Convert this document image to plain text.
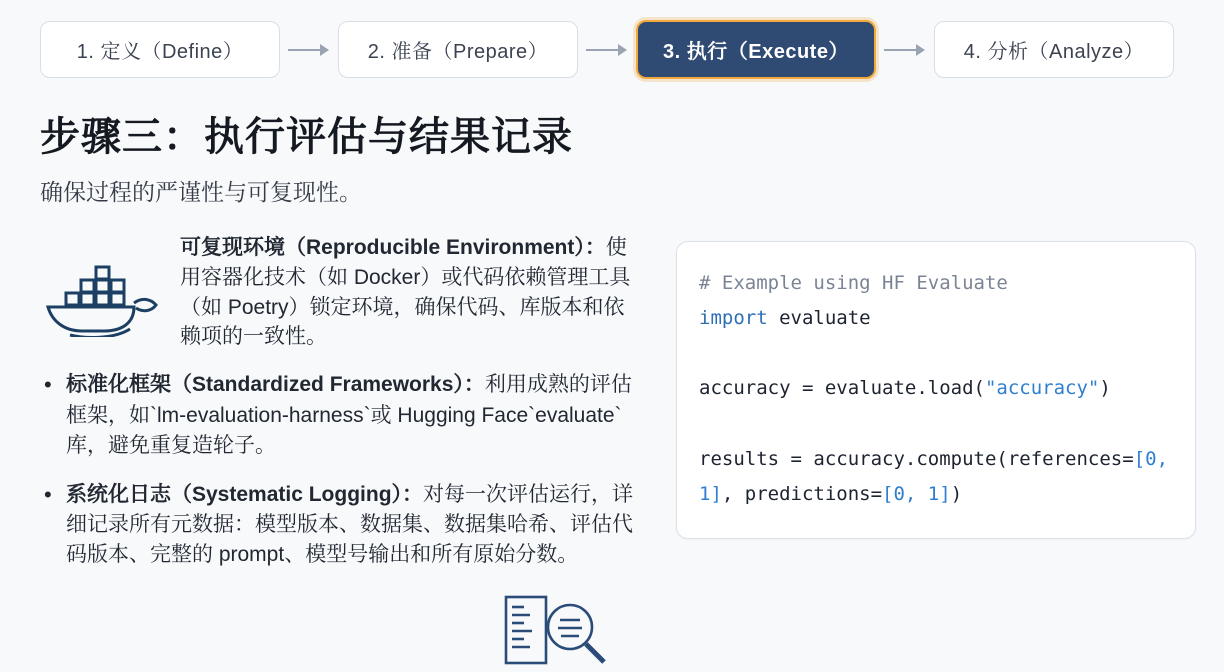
1. 定义（Define）	2. 准备（Prepare）	3. 执行（Execute）	4. 分析（Analyze）
步骤三：执行评估与结果记录

确保过程的严谨性与可复现性。

可复现环境（Reproducible Environment）：使用容器化技术（如 Docker）或代码依赖管理工具（如 Poetry）锁定环境，确保代码、库版本和依赖项的一致性。
• 标准化框架（Standardized Frameworks）：利用成熟的评估框架，如`lm-evaluation-harness`或 Hugging Face`evaluate`库，避免重复造轮子。
• 系统化日志（Systematic Logging）：对每一次评估运行，详细记录所有元数据：模型版本、数据集、数据集哈希、评估代码版本、完整的 prompt、模型号输出和所有原始分数。
# Example using HF Evaluate
import evaluate

accuracy = evaluate.load("accuracy")

results = accuracy.compute(references=[0, 1], predictions=[0, 1])
